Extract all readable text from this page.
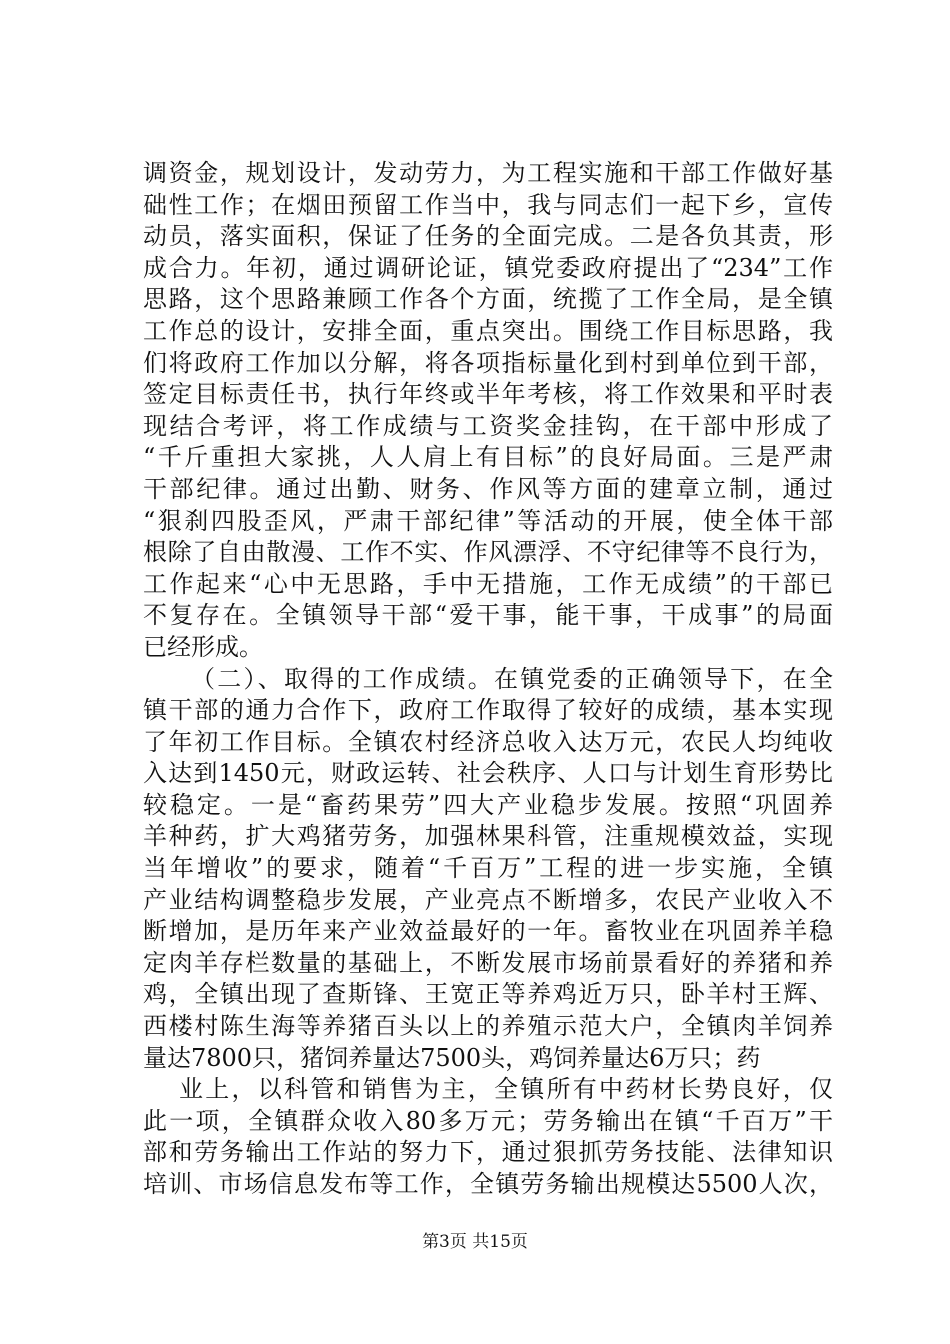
调资金，规划设计，发动劳力，为工程实施和干部工作做好基
础性工作；在烟田预留工作当中，我与同志们一起下乡，宣传
动员，落实面积，保证了任务的全面完成。二是各负其责，形
成合力。年初，通过调研论证，镇党委政府提出了“234”工作
思路，这个思路兼顾工作各个方面，统揽了工作全局，是全镇
工作总的设计，安排全面，重点突出。围绕工作目标思路，我
们将政府工作加以分解，将各项指标量化到村到单位到干部，
签定目标责任书，执行年终或半年考核，将工作效果和平时表
现结合考评，将工作成绩与工资奖金挂钩，在干部中形成了
“千斤重担大家挑，人人肩上有目标”的良好局面。三是严肃
干部纪律。通过出勤、财务、作风等方面的建章立制，通过
“狠刹四股歪风，严肃干部纪律”等活动的开展，使全体干部
根除了自由散漫、工作不实、作风漂浮、不守纪律等不良行为，
工作起来“心中无思路，手中无措施，工作无成绩”的干部已
不复存在。全镇领导干部“爱干事，能干事，干成事”的局面
已经形成。
（二）、取得的工作成绩。在镇党委的正确领导下，在全
镇干部的通力合作下，政府工作取得了较好的成绩，基本实现
了年初工作目标。全镇农村经济总收入达万元，农民人均纯收
入达到1450元，财政运转、社会秩序、人口与计划生育形势比
较稳定。一是“畜药果劳”四大产业稳步发展。按照“巩固养
羊种药，扩大鸡猪劳务，加强林果科管，注重规模效益，实现
当年增收”的要求，随着“千百万”工程的进一步实施，全镇
产业结构调整稳步发展，产业亮点不断增多，农民产业收入不
断增加，是历年来产业效益最好的一年。畜牧业在巩固养羊稳
定肉羊存栏数量的基础上，不断发展市场前景看好的养猪和养
鸡，全镇出现了查斯锋、王宽正等养鸡近万只，卧羊村王辉、
西楼村陈生海等养猪百头以上的养殖示范大户，全镇肉羊饲养
量达7800只，猪饲养量达7500头，鸡饲养量达6万只；药
业上，以科管和销售为主，全镇所有中药材长势良好，仅
此一项，全镇群众收入80多万元；劳务输出在镇“千百万”干
部和劳务输出工作站的努力下，通过狠抓劳务技能、法律知识
培训、市场信息发布等工作，全镇劳务输出规模达5500人次，
第3页 共15页
